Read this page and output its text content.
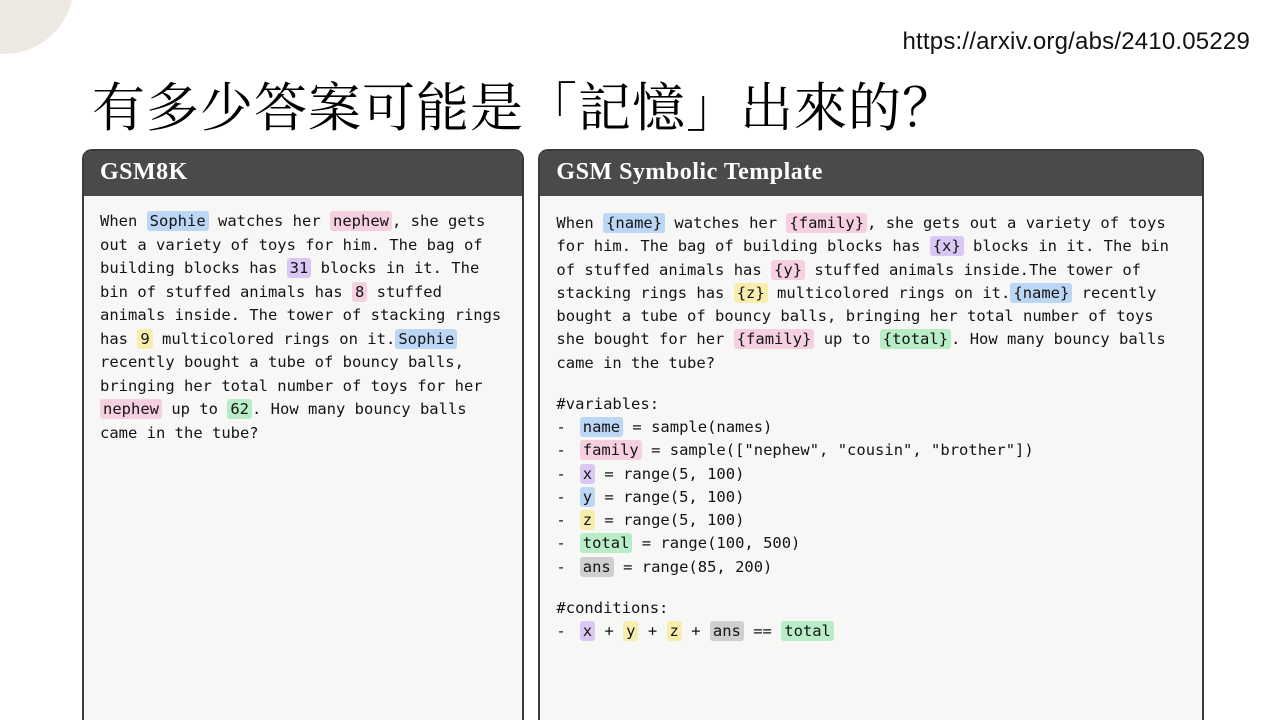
https://arxiv.org/abs/2410.05229
有多少答案可能是「記憶」出來的？
GSM8K
When Sophie watches her nephew , she gets out a variety of toys for him. The bag of building blocks has 31 blocks in it. The bin of stuffed animals has 8 stuffed animals inside. The tower of stacking rings has 9 multicolored rings on it. Sophie recently bought a tube of bouncy balls, bringing her total number of toys for her nephew up to 62 . How many bouncy balls came in the tube?
GSM Symbolic Template
When {name} watches her {family} , she gets out a variety of toys for him. The bag of building blocks has {x} blocks in it. The bin of stuffed animals has {y} stuffed animals inside.The tower of stacking rings has {z} multicolored rings on it. {name} recently bought a tube of bouncy balls, bringing her total number of toys she bought for her {family} up to {total} . How many bouncy balls came in the tube?
#variables:
- name = sample(names)
- family = sample(["nephew", "cousin", "brother"])
- x = range(5, 100)
- y = range(5, 100)
- z = range(5, 100)
- total = range(100, 500)
- ans = range(85, 200)
#conditions:
- x + y + z + ans == total
